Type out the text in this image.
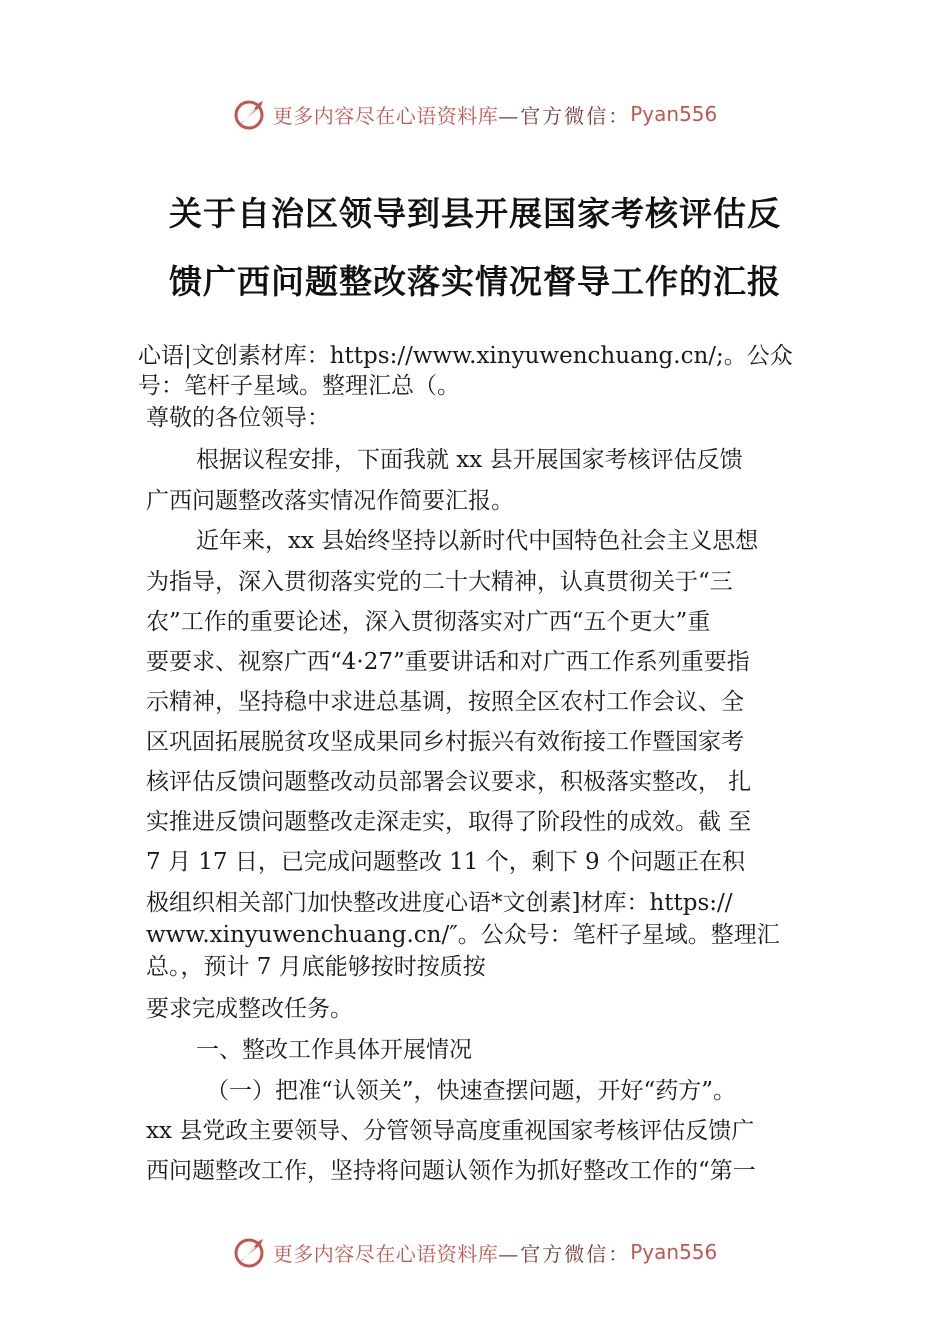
更多内容尽在心语资料库 —官方微信： Pyan556
关于自治区领导到县开展国家考核评估反
馈广西问题整改落实情况督导工作的汇报
心语|文创素材库：https://www.xinyuwenchuang.cn/;。公众
号：笔杆子星域。整理汇总（。
尊敬的各位领导：
根据议程安排，下面我就 xx 县开展国家考核评估反馈
广西问题整改落实情况作简要汇报。
近年来，xx 县始终坚持以新时代中国特色社会主义思想
为指导，深入贯彻落实党的二十大精神，认真贯彻关于“三
农”工作的重要论述，深入贯彻落实对广西“五个更大”重
要要求、视察广西“4·27”重要讲话和对广西工作系列重要指
示精神，坚持稳中求进总基调，按照全区农村工作会议、全
区巩固拓展脱贫攻坚成果同乡村振兴有效衔接工作暨国家考
核评估反馈问题整改动员部署会议要求，积极落实整改， 扎
实推进反馈问题整改走深走实，取得了阶段性的成效。截 至
7 月 17 日，已完成问题整改 11 个，剩下 9 个问题正在积
极组织相关部门加快整改进度心语*文创素]材库：https://
www.xinyuwenchuang.cn/″。公众号：笔杆子星域。整理汇
总。，预计 7 月底能够按时按质按
要求完成整改任务。
一、整改工作具体开展情况
（一）把准“认领关”，快速查摆问题，开好“药方”。
xx 县党政主要领导、分管领导高度重视国家考核评估反馈广
西问题整改工作，坚持将问题认领作为抓好整改工作的“第一
更多内容尽在心语资料库 —官方微信： Pyan556
